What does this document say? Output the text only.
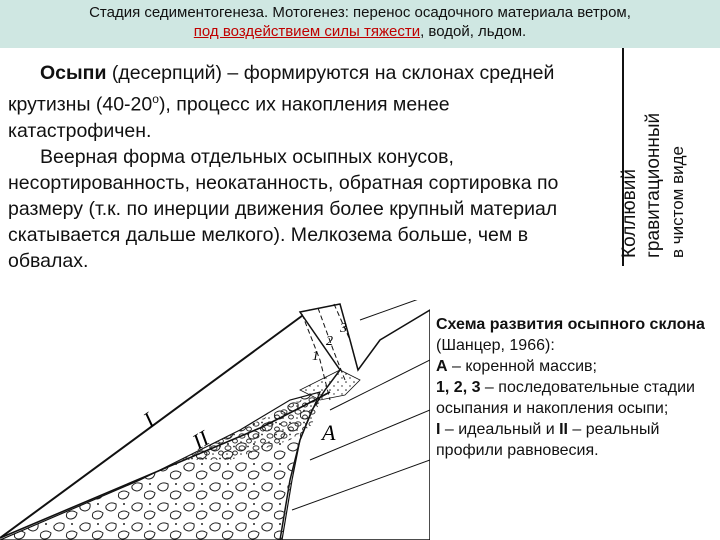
Стадия седиментогенеза. Мотогенез: перенос осадочного материала ветром,
под воздействием силы тяжести, водой, льдом.

Осыпи (десерпций) – формируются на склонах средней крутизны $(40-20^о)$, процесс их накопления менее катастрофичен.

Веерная форма отдельных осыпных конусов, несортированность, неокатанность, обратная сортировка по размеру (т.к. по инерции движения более крупный материал скатывается дальше мелкого). Мелкозема больше, чем в обвалах.

Коллювий гравитационный в чистом виде
I
II	A
1
2
3	Схема развития осыпного склона (Шанцер, 1966):

А – коренной массив;

1, 2, 3 – последовательные стадии осыпания и накопления осыпи;

I – идеальный и II – реальный профили равновесия.
